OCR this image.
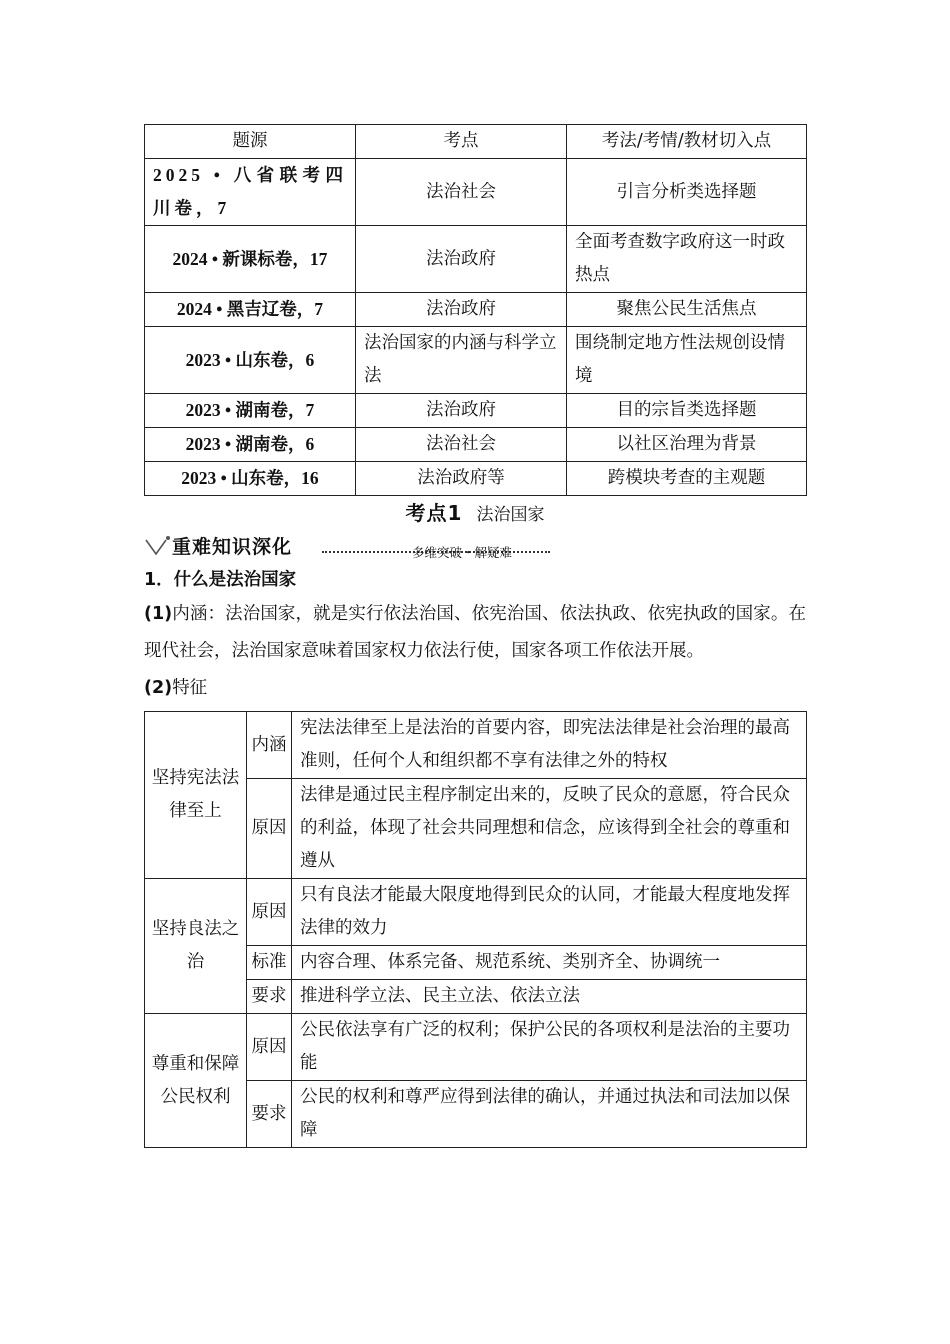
题源	考点	考法/考情/教材切入点
2025 • 八省联考四川卷，7	法治社会	引言分析类选择题
2024 • 新课标卷，17	法治政府	全面考查数字政府这一时政热点
2024 • 黑吉辽卷，7	法治政府	聚焦公民生活焦点
2023 • 山东卷，6	法治国家的内涵与科学立法	围绕制定地方性法规创设情境
2023 • 湖南卷，7	法治政府	目的宗旨类选择题
2023 • 湖南卷，6	法治社会	以社区治理为背景
2023 • 山东卷，16	法治政府等	跨模块考查的主观题
考点1 法治国家
重难知识深化	多维突破・解疑难
1．什么是法治国家
(1)内涵：法治国家，就是实行依法治国、依宪治国、依法执政、依宪执政的国家。在现代社会，法治国家意味着国家权力依法行使，国家各项工作依法开展。
(2)特征
坚持宪法法律至上	内涵	宪法法律至上是法治的首要内容，即宪法法律是社会治理的最高准则，任何个人和组织都不享有法律之外的特权
	原因	法律是通过民主程序制定出来的，反映了民众的意愿，符合民众的利益，体现了社会共同理想和信念，应该得到全社会的尊重和遵从
坚持良法之治	原因	只有良法才能最大限度地得到民众的认同，才能最大程度地发挥法律的效力
	标准	内容合理、体系完备、规范系统、类别齐全、协调统一
	要求	推进科学立法、民主立法、依法立法
尊重和保障公民权利	原因	公民依法享有广泛的权利；保护公民的各项权利是法治的主要功能
	要求	公民的权利和尊严应得到法律的确认，并通过执法和司法加以保障
